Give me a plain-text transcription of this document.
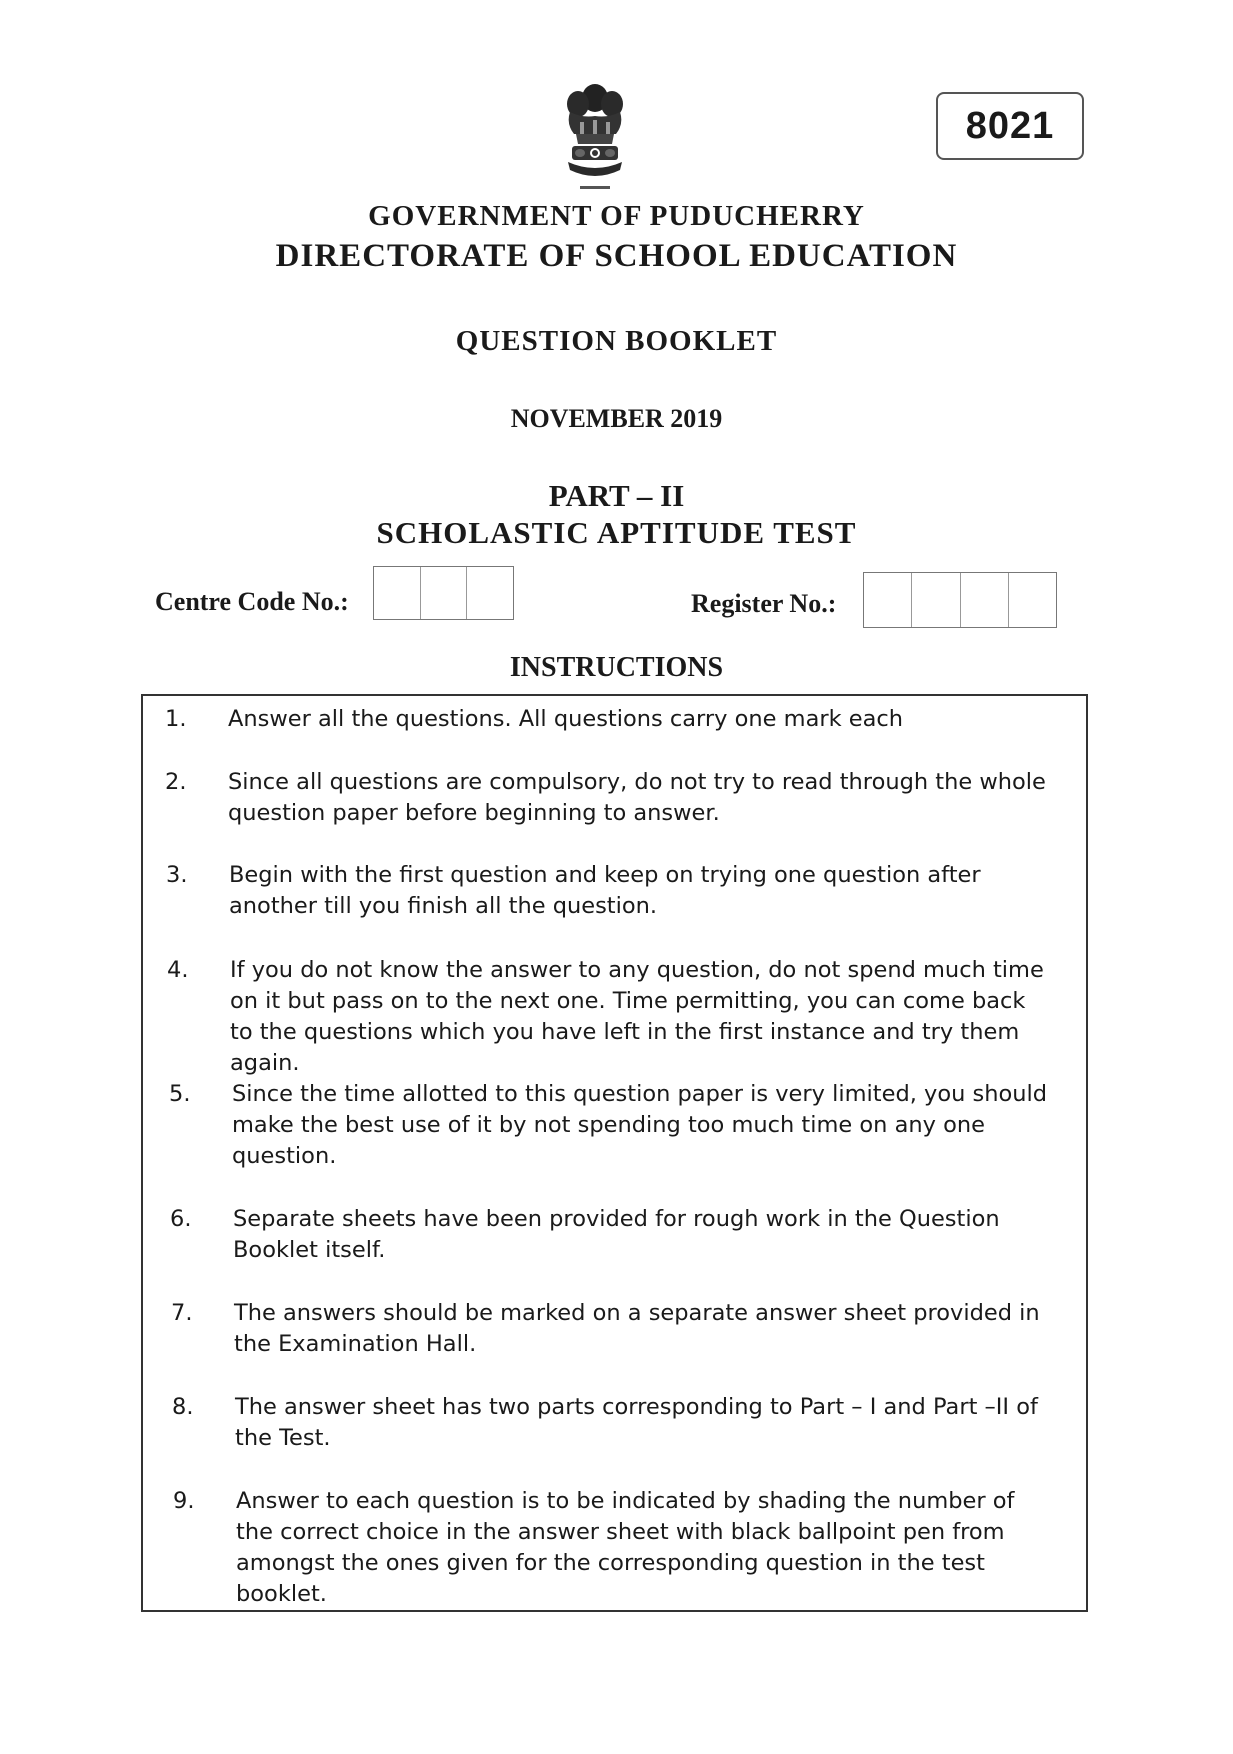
8021
GOVERNMENT OF PUDUCHERRY
DIRECTORATE OF SCHOOL EDUCATION
QUESTION BOOKLET
NOVEMBER 2019
PART – II
SCHOLASTIC APTITUDE TEST
Centre Code No.:	Register No.:
INSTRUCTIONS
1. Answer all the questions. All questions carry one mark each
2. Since all questions are compulsory, do not try to read through the whole question paper before beginning to answer.
3. Begin with the first question and keep on trying one question after another till you finish all the question.
4. If you do not know the answer to any question, do not spend much time on it but pass on to the next one. Time permitting, you can come back to the questions which you have left in the first instance and try them again.
5. Since the time allotted to this question paper is very limited, you should make the best use of it by not spending too much time on any one question.
6. Separate sheets have been provided for rough work in the Question Booklet itself.
7. The answers should be marked on a separate answer sheet provided in the Examination Hall.
8. The answer sheet has two parts corresponding to Part – I and Part –II of the Test.
9. Answer to each question is to be indicated by shading the number of the correct choice in the answer sheet with black ballpoint pen from amongst the ones given for the corresponding question in the test booklet.
